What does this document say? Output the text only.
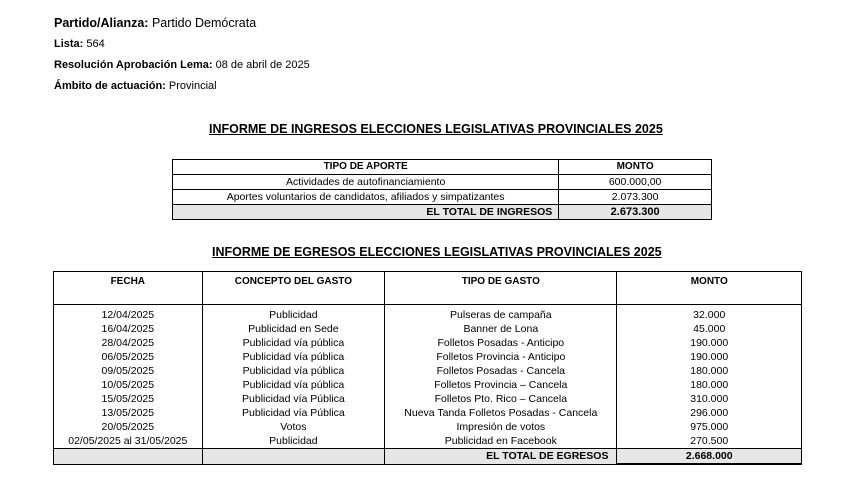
Partido/Alianza: Partido Demócrata
Lista: 564
Resolución Aprobación Lema: 08 de abril de 2025
Ámbito de actuación: Provincial
INFORME DE INGRESOS ELECCIONES LEGISLATIVAS PROVINCIALES 2025
TIPO DE APORTE	MONTO
Actividades de autofinanciamiento	600.000,00
Aportes voluntarios de candidatos, afiliados y simpatizantes	2.073.300
EL TOTAL DE INGRESOS	2.673.300
INFORME DE EGRESOS ELECCIONES LEGISLATIVAS PROVINCIALES 2025
FECHA	CONCEPTO DEL GASTO	TIPO DE GASTO	MONTO
12/04/2025	Publicidad	Pulseras de campaña	32.000
16/04/2025	Publicidad en Sede	Banner de Lona	45.000
28/04/2025	Publicidad vía pública	Folletos Posadas - Anticipo	190.000
06/05/2025	Publicidad vía pública	Folletos Provincia - Anticipo	190.000
09/05/2025	Publicidad vía pública	Folletos Posadas - Cancela	180.000
10/05/2025	Publicidad vía pública	Folletos Provincia – Cancela	180.000
15/05/2025	Publicidad vía Pública	Folletos Pto. Rico – Cancela	310.000
13/05/2025	Publicidad vía Pública	Nueva Tanda Folletos Posadas - Cancela	296.000
20/05/2025	Votos	Impresión de votos	975.000
02/05/2025 al 31/05/2025	Publicidad	Publicidad en Facebook	270.500
		EL TOTAL DE EGRESOS	2.668.000
